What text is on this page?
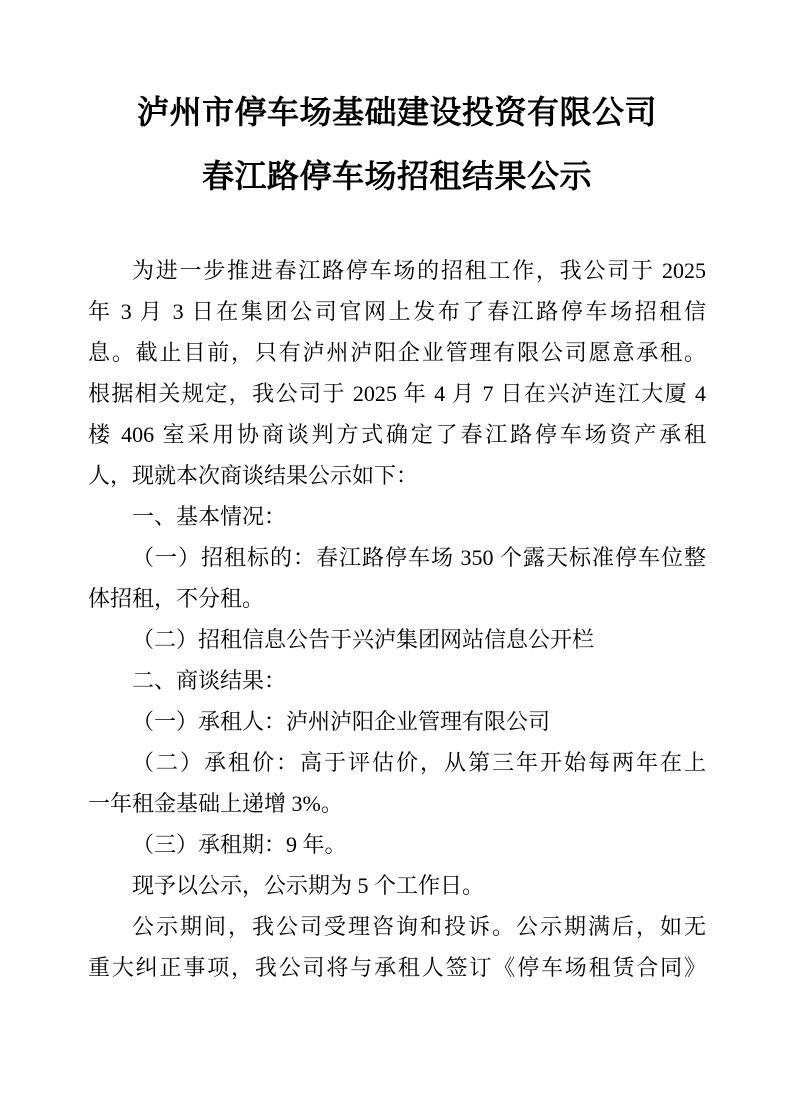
泸州市停车场基础建设投资有限公司
春江路停车场招租结果公示
为进一步推进春江路停车场的招租工作，我公司于 2025
年 3 月 3 日在集团公司官网上发布了春江路停车场招租信
息。截止目前，只有泸州泸阳企业管理有限公司愿意承租。
根据相关规定，我公司于 2025 年 4 月 7 日在兴泸连江大厦 4
楼 406 室采用协商谈判方式确定了春江路停车场资产承租
人，现就本次商谈结果公示如下：
一、基本情况：
（一）招租标的：春江路停车场 350 个露天标准停车位整
体招租，不分租。
（二）招租信息公告于兴泸集团网站信息公开栏
二、商谈结果：
（一）承租人：泸州泸阳企业管理有限公司
（二）承租价：高于评估价，从第三年开始每两年在上
一年租金基础上递增 3%。
（三）承租期：9 年。
现予以公示，公示期为 5 个工作日。
公示期间，我公司受理咨询和投诉。公示期满后，如无
重大纠正事项，我公司将与承租人签订《停车场租赁合同》
